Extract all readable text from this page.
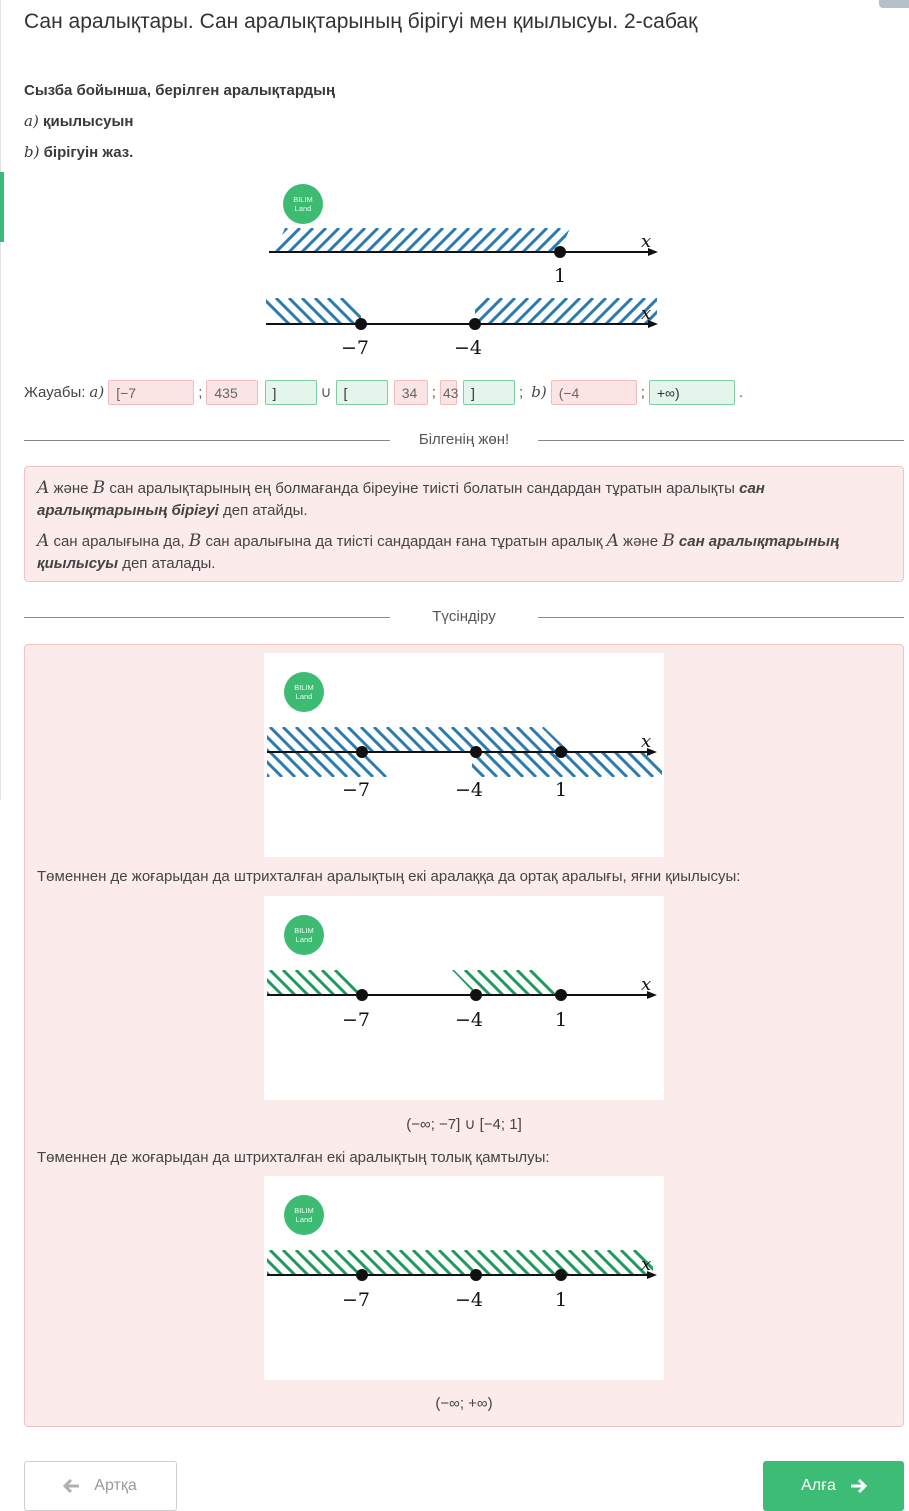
Сан аралықтары. Сан аралықтарының бірігуі мен қиылысуы. 2-сабақ
Сызба бойынша, берілген аралықтардың
a) қиылысуын
b) бірігуін жаз.
BILIM
Land
x
1
x
−7	−4
Жауабы: a) [−7	; 435	]	∪ [	34 ; 43 ]	; b) (−4	; +∞)	.
Білгенің жөн!

A және B сан аралықтарының ең болмағанда біреуіне тиісті болатын сандардан тұратын аралықты сан аралықтарының бірігуі деп атайды.

A сан аралығына да, B сан аралығына да тиісті сандардан ғана тұратын аралық A және B сан аралықтарының қиылысуы деп аталады.

Түсіндіру
BILIM
Land
x
−7	−4	1
Төменнен де жоғарыдан да штрихталған аралықтың екі аралаққа да ортақ аралығы, яғни қиылысуы:
BILIM
Land
x
−7	−4	1
(−∞; −7] ∪ [−4; 1]
Төменнен де жоғарыдан да штрихталған екі аралықтың толық қамтылуы:
BILIM
Land
x
−7	−4	1
(−∞; +∞)
Артқа	Алға
